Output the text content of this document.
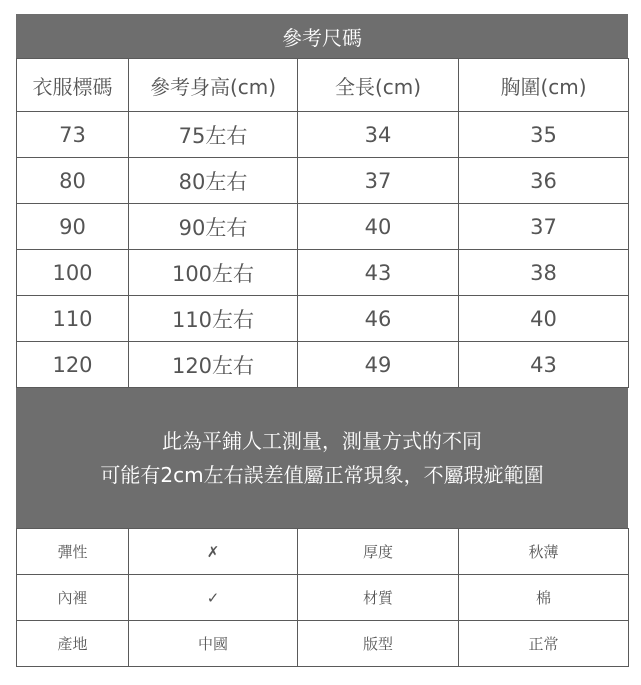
參考尺碼
衣服標碼	參考身高(cm)	全長(cm)	胸圍(cm)
73	75左右	34	35
80	80左右	37	36
90	90左右	40	37
100	100左右	43	38
110	110左右	46	40
120	120左右	49	43
此為平鋪人工測量，測量方式的不同
可能有2cm左右誤差值屬正常現象，不屬瑕疵範圍
彈性	✗	厚度	秋薄
內裡	✓	材質	棉
產地	中國	版型	正常
